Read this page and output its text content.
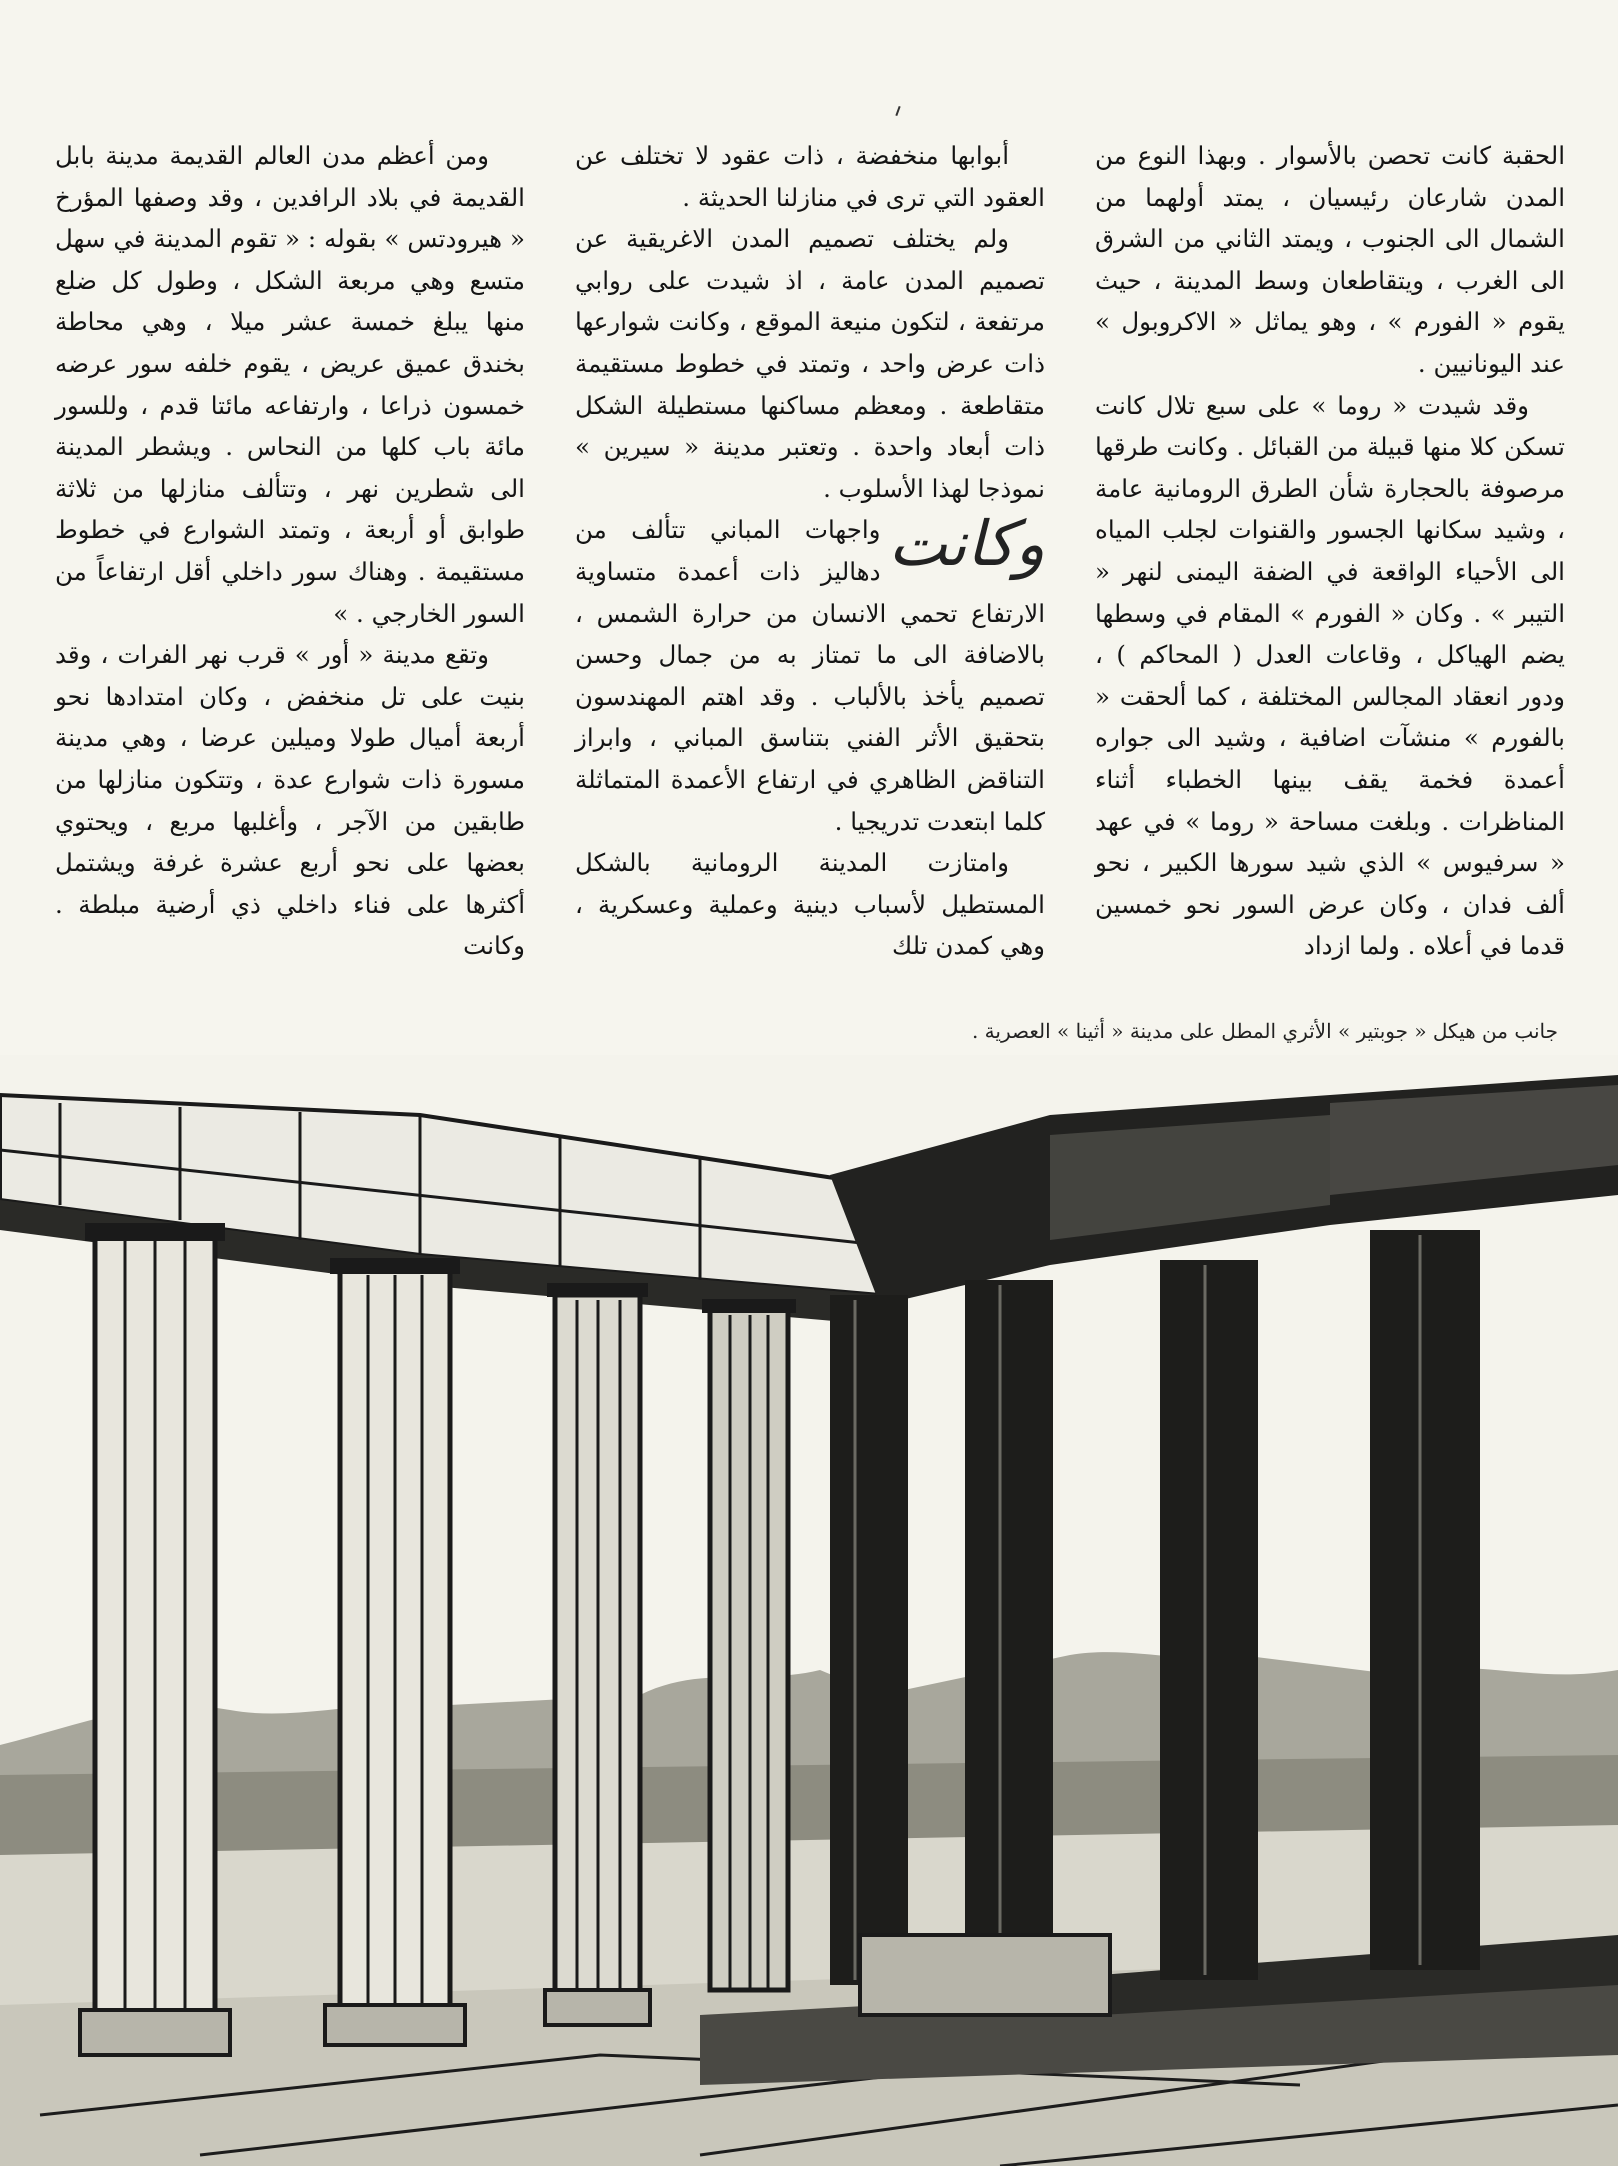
ومن أعظم مدن العالم القديمة مدينة بابل القديمة في بلاد الرافدين ، وقد وصفها المؤرخ « هيرودتس » بقوله : « تقوم المدينة في سهل متسع وهي مربعة الشكل ، وطول كل ضلع منها يبلغ خمسة عشر ميلا ، وهي محاطة بخندق عميق عريض ، يقوم خلفه سور عرضه خمسون ذراعا ، وارتفاعه مائتا قدم ، وللسور مائة باب كلها من النحاس . ويشطر المدينة الى شطرين نهر ، وتتألف منازلها من ثلاثة طوابق أو أربعة ، وتمتد الشوارع في خطوط مستقيمة . وهناك سور داخلي أقل ارتفاعاً من السور الخارجي . »

وتقع مدينة « أور » قرب نهر الفرات ، وقد بنيت على تل منخفض ، وكان امتدادها نحو أربعة أميال طولا وميلين عرضا ، وهي مدينة مسورة ذات شوارع عدة ، وتتكون منازلها من طابقين من الآجر ، وأغلبها مربع ، ويحتوي بعضها على نحو أربع عشرة غرفة ويشتمل أكثرها على فناء داخلي ذي أرضية مبلطة . وكانت

أبوابها منخفضة ، ذات عقود لا تختلف عن العقود التي ترى في منازلنا الحديثة .

ولم يختلف تصميم المدن الاغريقية عن تصميم المدن عامة ، اذ شيدت على روابي مرتفعة ، لتكون منيعة الموقع ، وكانت شوارعها ذات عرض واحد ، وتمتد في خطوط مستقيمة متقاطعة . ومعظم مساكنها مستطيلة الشكل ذات أبعاد واحدة . وتعتبر مدينة « سيرين » نموذجا لهذا الأسلوب .

وكانت
واجهات المباني تتألف من دهاليز ذات أعمدة متساوية الارتفاع تحمي الانسان من حرارة الشمس ، بالاضافة الى ما تمتاز به من جمال وحسن تصميم يأخذ بالألباب . وقد اهتم المهندسون بتحقيق الأثر الفني بتناسق المباني ، وابراز التناقض الظاهري في ارتفاع الأعمدة المتماثلة كلما ابتعدت تدريجيا .

وامتازت المدينة الرومانية بالشكل المستطيل لأسباب دينية وعملية وعسكرية ، وهي كمدن تلك

الحقبة كانت تحصن بالأسوار . وبهذا النوع من المدن شارعان رئيسيان ، يمتد أولهما من الشمال الى الجنوب ، ويمتد الثاني من الشرق الى الغرب ، ويتقاطعان وسط المدينة ، حيث يقوم « الفورم » ، وهو يماثل « الاكروبول » عند اليونانيين .

وقد شيدت « روما » على سبع تلال كانت تسكن كلا منها قبيلة من القبائل . وكانت طرقها مرصوفة بالحجارة شأن الطرق الرومانية عامة ، وشيد سكانها الجسور والقنوات لجلب المياه الى الأحياء الواقعة في الضفة اليمنى لنهر « التيبر » . وكان « الفورم » المقام في وسطها يضم الهياكل ، وقاعات العدل ( المحاكم ) ، ودور انعقاد المجالس المختلفة ، كما ألحقت « بالفورم » منشآت اضافية ، وشيد الى جواره أعمدة فخمة يقف بينها الخطباء أثناء المناظرات . وبلغت مساحة « روما » في عهد « سرفيوس » الذي شيد سورها الكبير ، نحو ألف فدان ، وكان عرض السور نحو خمسين قدما في أعلاه . ولما ازداد

جانب من هيكل « جوبتير » الأثري المطل على مدينة « أثينا » العصرية .
